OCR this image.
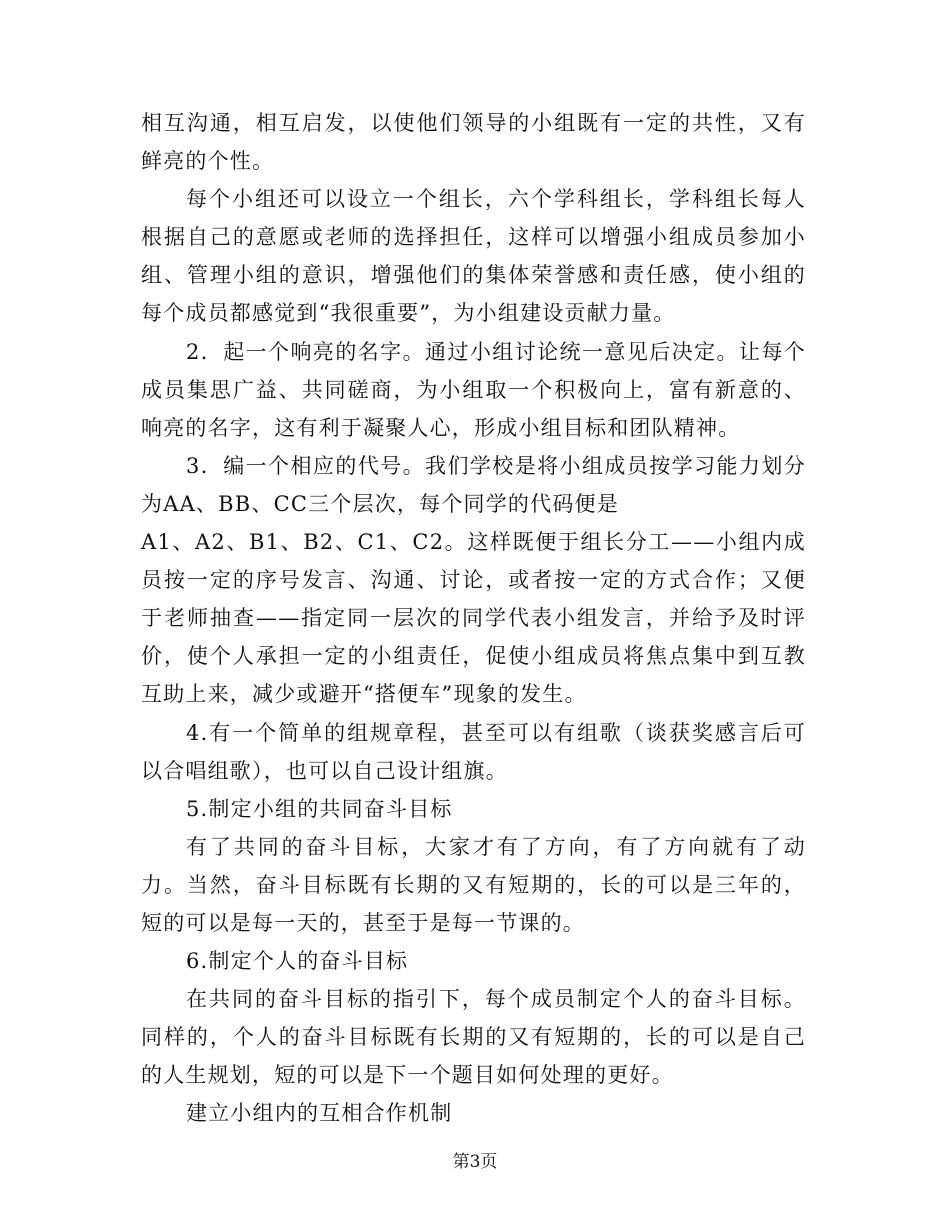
相互沟通，相互启发，以使他们领导的小组既有一定的共性，又有鲜亮的个性。

每个小组还可以设立一个组长，六个学科组长，学科组长每人根据自己的意愿或老师的选择担任，这样可以增强小组成员参加小组、管理小组的意识，增强他们的集体荣誉感和责任感，使小组的每个成员都感觉到“我很重要”，为小组建设贡献力量。

2．起一个响亮的名字。通过小组讨论统一意见后决定。让每个成员集思广益、共同磋商，为小组取一个积极向上，富有新意的、响亮的名字，这有利于凝聚人心，形成小组目标和团队精神。

3．编一个相应的代号。我们学校是将小组成员按学习能力划分为AA、BB、CC三个层次，每个同学的代码便是

A1、A2、B1、B2、C1、C2。这样既便于组长分工——小组内成员按一定的序号发言、沟通、讨论，或者按一定的方式合作；又便于老师抽查——指定同一层次的同学代表小组发言，并给予及时评价，使个人承担一定的小组责任，促使小组成员将焦点集中到互教互助上来，减少或避开“搭便车”现象的发生。

4.有一个简单的组规章程，甚至可以有组歌（谈获奖感言后可以合唱组歌），也可以自己设计组旗。

5.制定小组的共同奋斗目标

有了共同的奋斗目标，大家才有了方向，有了方向就有了动力。当然，奋斗目标既有长期的又有短期的，长的可以是三年的，短的可以是每一天的，甚至于是每一节课的。

6.制定个人的奋斗目标

在共同的奋斗目标的指引下，每个成员制定个人的奋斗目标。同样的，个人的奋斗目标既有长期的又有短期的，长的可以是自己的人生规划，短的可以是下一个题目如何处理的更好。

建立小组内的互相合作机制

第3页
